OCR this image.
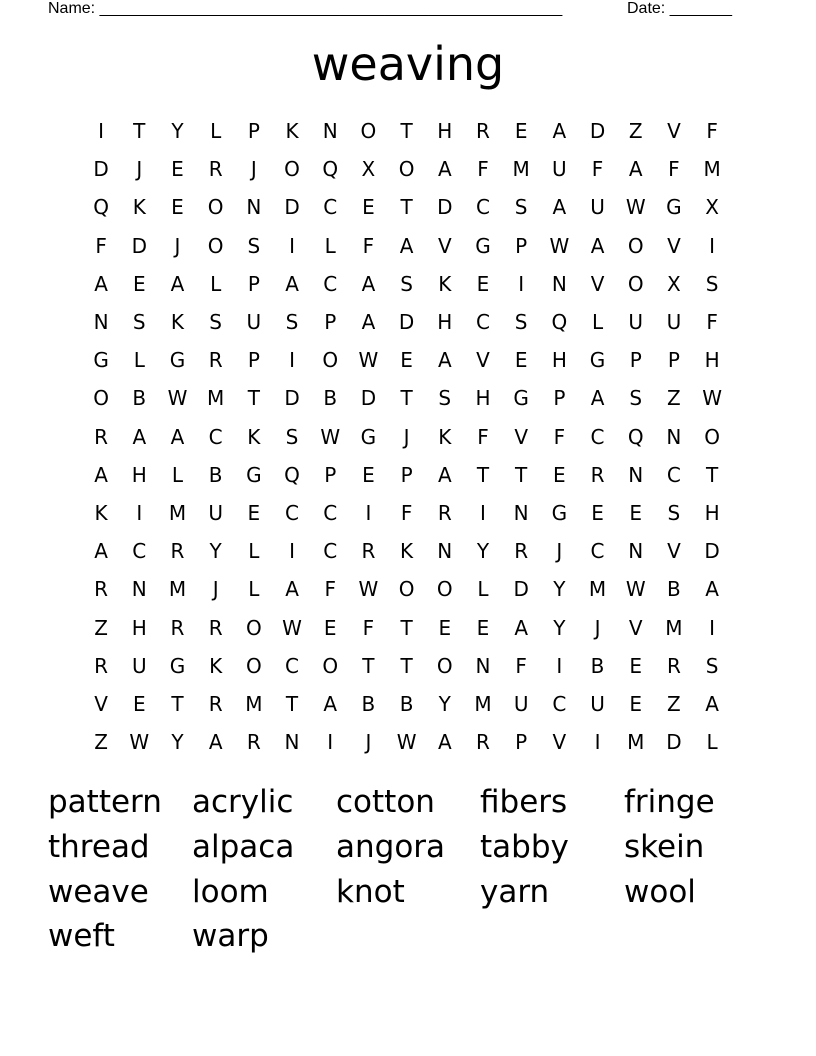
Name: ____________________________________________________	Date: _______
weaving
I	T	Y	L	P	K	N	O	T	H	R	E	A	D	Z	V	F
D	J	E	R	J	O	Q	X	O	A	F	M	U	F	A	F	M
Q	K	E	O	N	D	C	E	T	D	C	S	A	U	W	G	X
F	D	J	O	S	I	L	F	A	V	G	P	W	A	O	V	I
A	E	A	L	P	A	C	A	S	K	E	I	N	V	O	X	S
N	S	K	S	U	S	P	A	D	H	C	S	Q	L	U	U	F
G	L	G	R	P	I	O	W	E	A	V	E	H	G	P	P	H
O	B	W M	T	D	B	D	T	S	H	G	P	A	S	Z	W
R	A	A	C	K	S	W	G	J	K	F	V	F	C	Q	N	O
A	H	L	B	G	Q	P	E	P	A	T	T	E	R	N	C	T
K	I	M	U	E	C	C	I	F	R	I	N	G	E	E	S	H
A	C	R	Y	L	I	C	R	K	N	Y	R	J	C	N	V	D
R	N	M	J	L	A	F	W	O	O	L	D	Y	M W	B	A
Z	H	R	R	O	W	E	F	T	E	E	A	Y	J	V	M	I
R	U	G	K	O	C	O	T	T	O	N	F	I	B	E	R	S
V	E	T	R	M	T	A	B	B	Y	M	U	C	U	E	Z	A
Z	W	Y	A	R	N	I	J	W	A	R	P	V	I	M	D	L
pattern acrylic	cotton	fibers	fringe
thread	alpaca	angora	tabby	skein
weave	loom	knot	yarn	wool
weft	warp
